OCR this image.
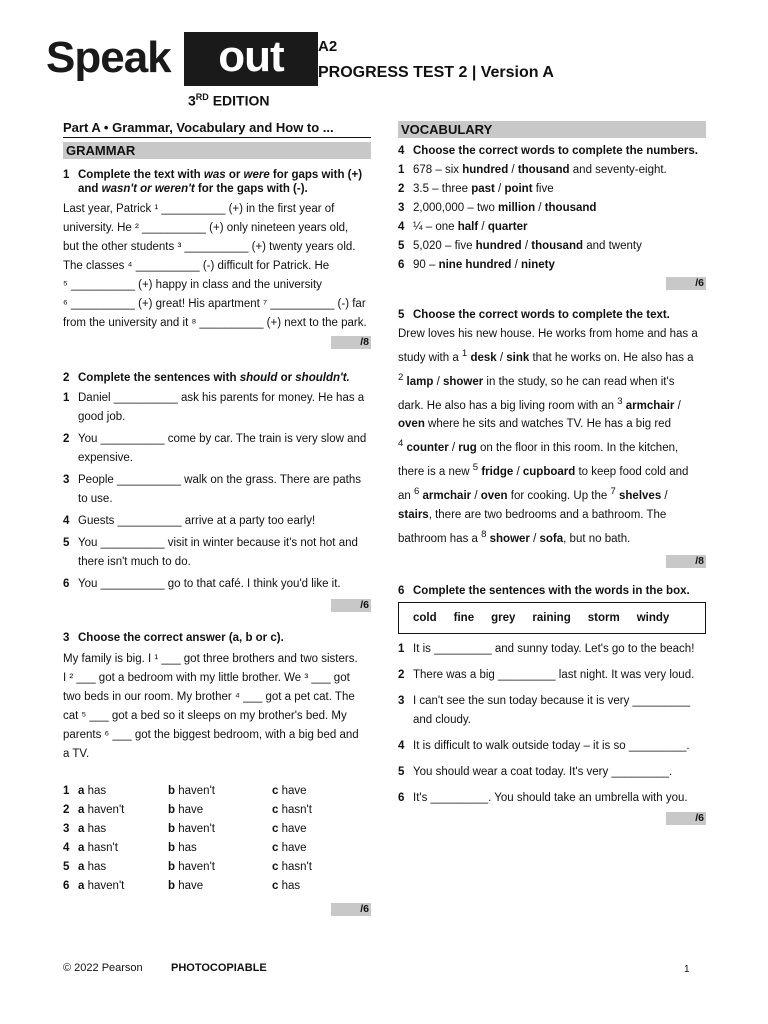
Speak	out
3RD EDITION
A2
PROGRESS TEST 2 | Version A
Part A • Grammar, Vocabulary and How to ...
GRAMMAR
1 Complete the text with was or were for gaps with (+) and wasn't or weren't for the gaps with (-).
Last year, Patrick ¹ __________ (+) in the first year of
university. He ² __________ (+) only nineteen years old,
but the other students ³ __________ (+) twenty years old.
The classes ⁴ __________ (-) difficult for Patrick. He
⁵ __________ (+) happy in class and the university
⁶ __________ (+) great! His apartment ⁷ __________ (-) far
from the university and it ⁸ __________ (+) next to the park.
/8
2 Complete the sentences with should or shouldn't.
1 Daniel __________ ask his parents for money. He has a good job.
2 You __________ come by car. The train is very slow and expensive.
3 People __________ walk on the grass. There are paths to use.
4 Guests __________ arrive at a party too early!
5 You __________ visit in winter because it's not hot and there isn't much to do.
6 You __________ go to that café. I think you'd like it.
/6
3 Choose the correct answer (a, b or c).
My family is big. I ¹ ___ got three brothers and two sisters.
I ² ___ got a bedroom with my little brother. We ³ ___ got
two beds in our room. My brother ⁴ ___ got a pet cat. The
cat ⁵ ___ got a bed so it sleeps on my brother's bed. My
parents ⁶ ___ got the biggest bedroom, with a big bed and
a TV.
1 a has	b haven't	c have
2 a haven't	b have	c hasn't
3 a has	b haven't	c have
4 a hasn't	b has	c have
5 a has	b haven't	c hasn't
6 a haven't	b have	c has
/6
VOCABULARY
4 Choose the correct words to complete the numbers.
1 678 – six hundred / thousand and seventy-eight.
2 3.5 – three past / point five
3 2,000,000 – two million / thousand
4 ¼ – one half / quarter
5 5,020 – five hundred / thousand and twenty
6 90 – nine hundred / ninety
/6
5 Choose the correct words to complete the text.
Drew loves his new house. He works from home and has a
study with a $^1$ desk / sink that he works on. He also has a
$^2$ lamp / shower in the study, so he can read when it's
dark. He also has a big living room with an $^3$ armchair /
oven where he sits and watches TV. He has a big red
$^4$ counter / rug on the floor in this room. In the kitchen,
there is a new $^5$ fridge / cupboard to keep food cold and
an $^6$ armchair / oven for cooking. Up the $^7$ shelves /
stairs, there are two bedrooms and a bathroom. The
bathroom has a $^8$ shower / sofa, but no bath.
/8
6 Complete the sentences with the words in the box.
cold fine grey raining storm windy
1 It is _________ and sunny today. Let's go to the beach!
2 There was a big _________ last night. It was very loud.
3 I can't see the sun today because it is very _________ and cloudy.
4 It is difficult to walk outside today – it is so _________.
5 You should wear a coat today. It's very _________.
6 It's _________. You should take an umbrella with you.
/6
© 2022 Pearson	PHOTOCOPIABLE	1
